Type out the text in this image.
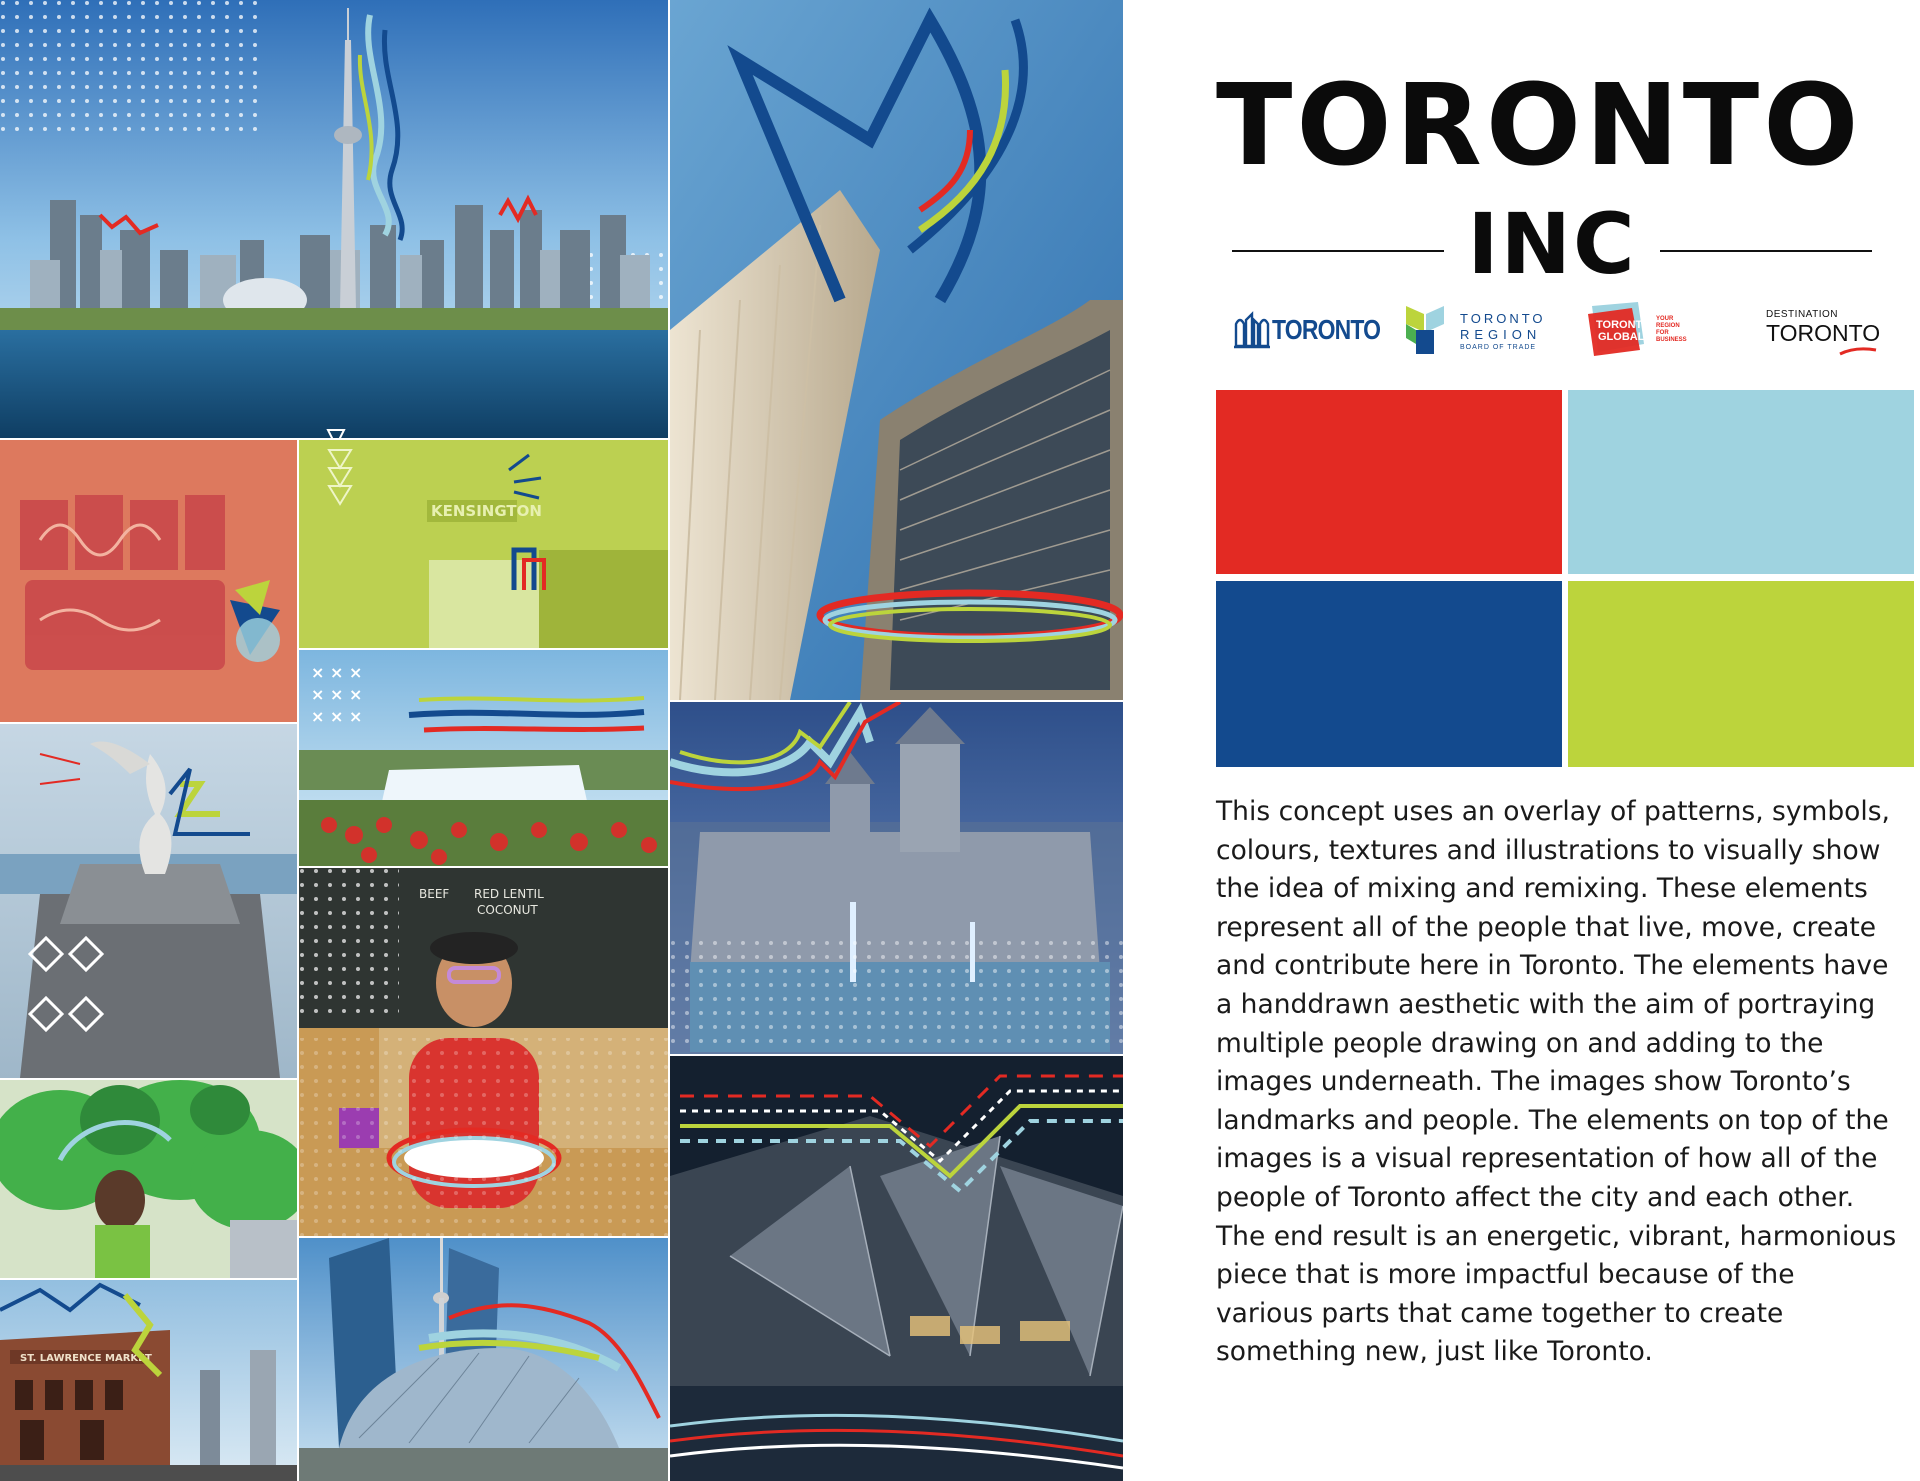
KENSINGTON
× × ×
× × ×
× × ×
BEEF RED LENTIL
COCONUT
ST. LAWRENCE MARKET
TORONTO
INC
TORONTO	TORONTO
REGION
BOARD OF TRADE
TORONTO
GLOBAL
YOUR
REGION
FOR
BUSINESS
DESTINATION
TORONTO

This concept uses an overlay of patterns, symbols, colours, textures and illustrations to visually show the idea of mixing and remixing. These elements represent all of the people that live, move, create and contribute here in Toronto. The elements have a handdrawn aesthetic with the aim of portraying multiple people drawing on and adding to the images underneath. The images show Toronto’s landmarks and people. The elements on top of the images is a visual representation of how all of the people of Toronto affect the city and each other. The end result is an energetic, vibrant, harmonious piece that is more impactful because of the various parts that came together to create something new, just like Toronto.
